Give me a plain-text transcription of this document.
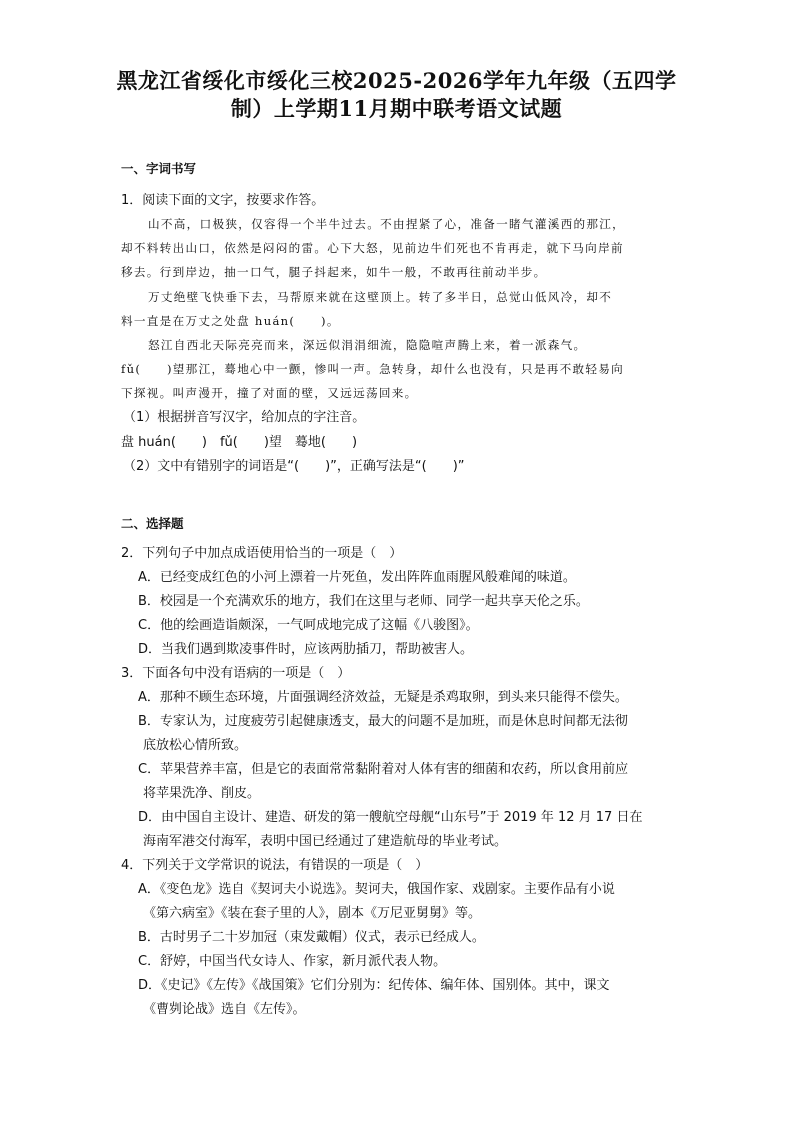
黑龙江省绥化市绥化三校2025-2026学年九年级（五四学
制）上学期11月期中联考语文试题
一、字词书写
1．阅读下面的文字，按要求作答。
山不高，口极狭，仅容得一个半牛过去。不由捏紧了心，准备一睹气灌溪西的那江，
却不料转出山口，依然是闷闷的雷。心下大怒，见前边牛们死也不肯再走，就下马向岸前
移去。行到岸边，抽一口气，腿子抖起来，如牛一般，不敢再往前动半步。
万丈绝壁飞快垂下去，马帮原来就在这壁顶上。转了多半日，总觉山低风冷，却不
料一直是在万丈之处盘 huán(　　)。
怒江自西北天际亮亮而来，深远似涓涓细流，隐隐喧声腾上来，着一派森气。
fǔ(　　)望那江，蓦地心中一颤，惨叫一声。急转身，却什么也没有，只是再不敢轻易向
下探视。叫声漫开，撞了对面的壁，又远远荡回来。
（1）根据拼音写汉字，给加点的字注音。
盘 huán(　　)　fǔ(　　)望　蓦地(　　)
（2）文中有错别字的词语是“(　　)”，正确写法是“(　　)”
二、选择题
2．下列句子中加点成语使用恰当的一项是（　）
A．已经变成红色的小河上漂着一片死鱼，发出阵阵血雨腥风般难闻的味道。
B．校园是一个充满欢乐的地方，我们在这里与老师、同学一起共享天伦之乐。
C．他的绘画造诣颇深，一气呵成地完成了这幅《八骏图》。
D．当我们遇到欺凌事件时，应该两肋插刀，帮助被害人。
3．下面各句中没有语病的一项是（　）
A．那种不顾生态环境，片面强调经济效益，无疑是杀鸡取卵，到头来只能得不偿失。
B．专家认为，过度疲劳引起健康透支，最大的问题不是加班，而是休息时间都无法彻
底放松心情所致。
C．苹果营养丰富，但是它的表面常常黏附着对人体有害的细菌和农药，所以食用前应
将苹果洗净、削皮。
D．由中国自主设计、建造、研发的第一艘航空母舰“山东号”于 2019 年 12 月 17 日在
海南军港交付海军，表明中国已经通过了建造航母的毕业考试。
4．下列关于文学常识的说法，有错误的一项是（　）
A．《变色龙》选自《契诃夫小说选》。契诃夫，俄国作家、戏剧家。主要作品有小说
《第六病室》《装在套子里的人》，剧本《万尼亚舅舅》等。
B．古时男子二十岁加冠（束发戴帽）仪式，表示已经成人。
C．舒婷，中国当代女诗人、作家，新月派代表人物。
D．《史记》《左传》《战国策》它们分别为：纪传体、编年体、国别体。其中，课文
《曹刿论战》选自《左传》。
